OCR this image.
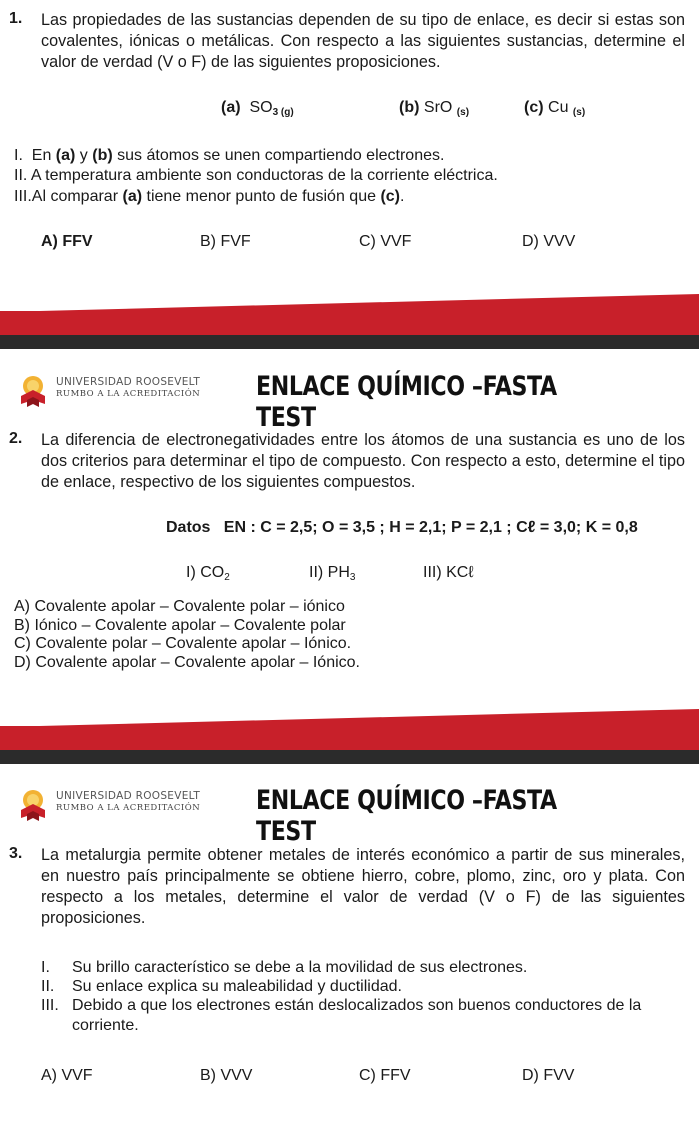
1. Las propiedades de las sustancias dependen de su tipo de enlace, es decir si estas son covalentes, iónicas o metálicas. Con respecto a las siguientes sustancias, determine el valor de verdad (V o F) de las siguientes proposiciones.
(a) $SO_{3 (g)}$	(b) SrO $_{(s)}$	(c) Cu $_{(s)}$
I. En (a) y (b) sus átomos se unen compartiendo electrones.
II. A temperatura ambiente son conductoras de la corriente eléctrica.
III.Al comparar (a) tiene menor punto de fusión que (c).
A) FFV	B) FVF	C) VVF	D) VVV
UNIVERSIDAD ROOSEVELT
RUMBO A LA ACREDITACIÓN ENLACE QUÍMICO –FASTA TEST
2. La diferencia de electronegatividades entre los átomos de una sustancia es uno de los dos criterios para determinar el tipo de compuesto. Con respecto a esto, determine el tipo de enlace, respectivo de los siguientes compuestos.
Datos EN : C = 2,5; O = 3,5 ; H = 2,1; P = 2,1 ; Cℓ = 3,0; K = 0,8
I) $CO_2$	II) $PH_3$	III) KCℓ
A) Covalente apolar – Covalente polar – iónico
B) Iónico – Covalente apolar – Covalente polar
C) Covalente polar – Covalente apolar – Iónico.
D) Covalente apolar – Covalente apolar – Iónico.
UNIVERSIDAD ROOSEVELT
RUMBO A LA ACREDITACIÓN ENLACE QUÍMICO –FASTA TEST
3. La metalurgia permite obtener metales de interés económico a partir de sus minerales, en nuestro país principalmente se obtiene hierro, cobre, plomo, zinc, oro y plata. Con respecto a los metales, determine el valor de verdad (V o F) de las siguientes proposiciones.
I. Su brillo característico se debe a la movilidad de sus electrones.
II. Su enlace explica su maleabilidad y ductilidad.
III. Debido a que los electrones están deslocalizados son buenos conductores de la corriente.
A) VVF	B) VVV	C) FFV	D) FVV
